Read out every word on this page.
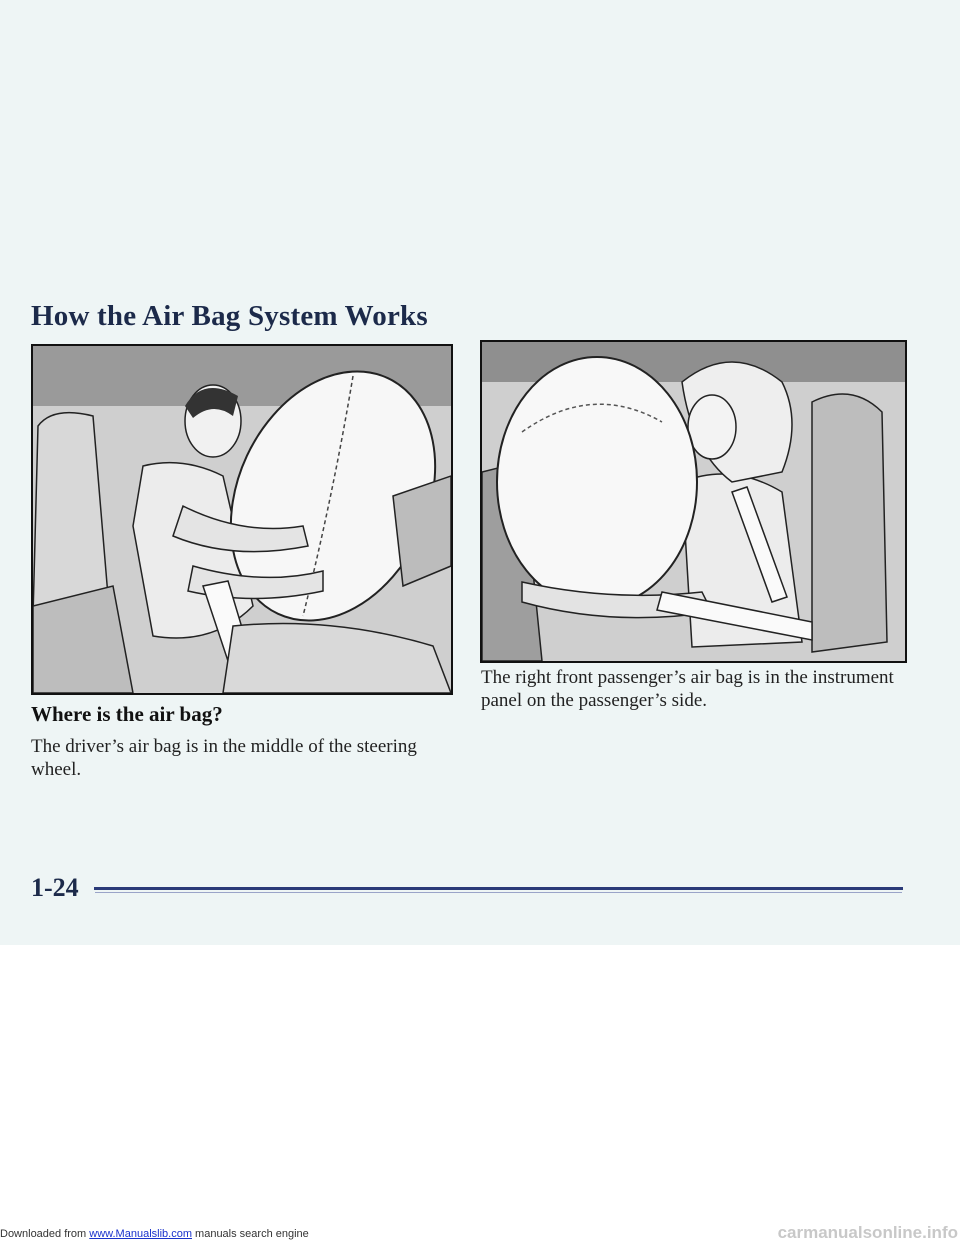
How the Air Bag System Works
Where is the air bag?
The driver’s air bag is in the middle of the steering wheel.
The right front passenger’s air bag is in the instrument panel on the passenger’s side.
1-24
Downloaded from www.Manualslib.com manuals search engine	carmanualsonline.info
